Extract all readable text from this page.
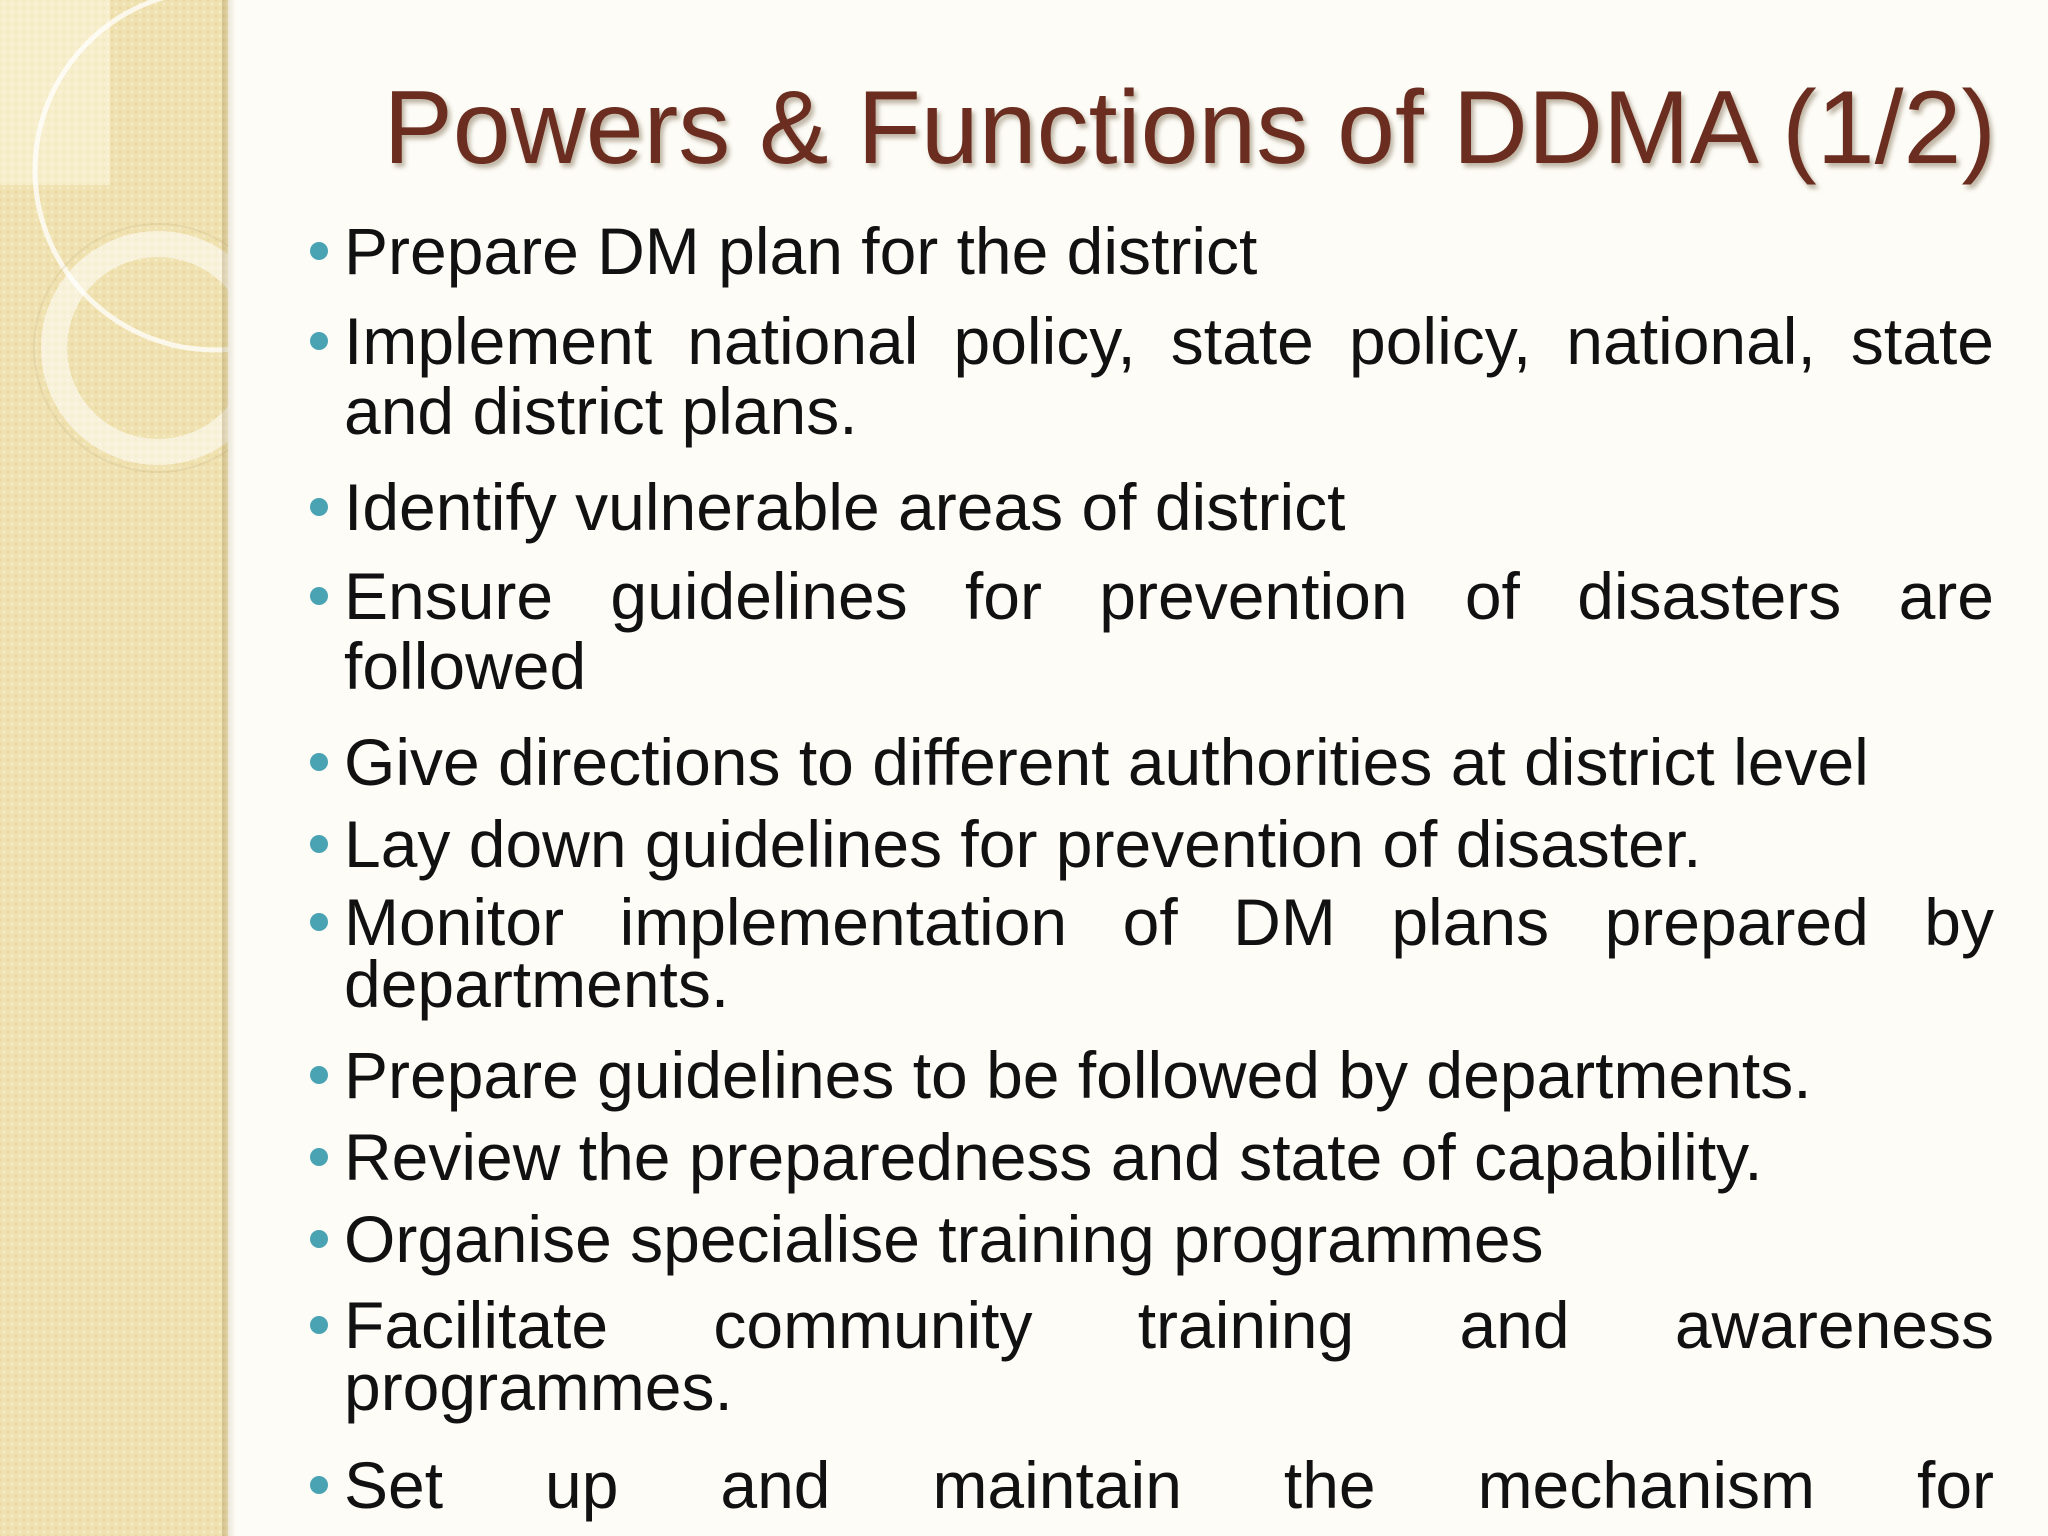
Powers & Functions of DDMA (1/2)
Prepare DM plan for the district
Implement national policy, state policy, national, state and district plans.
Identify vulnerable areas of district
Ensure guidelines for prevention of disasters are followed
Give directions to different authorities at district level
Lay down guidelines for prevention of disaster.
Monitor implementation of DM plans prepared by departments.
Prepare guidelines to be followed by departments.
Review the preparedness and state of capability.
Organise specialise training programmes
Facilitate community training and awareness programmes.
Set up and maintain the mechanism for
